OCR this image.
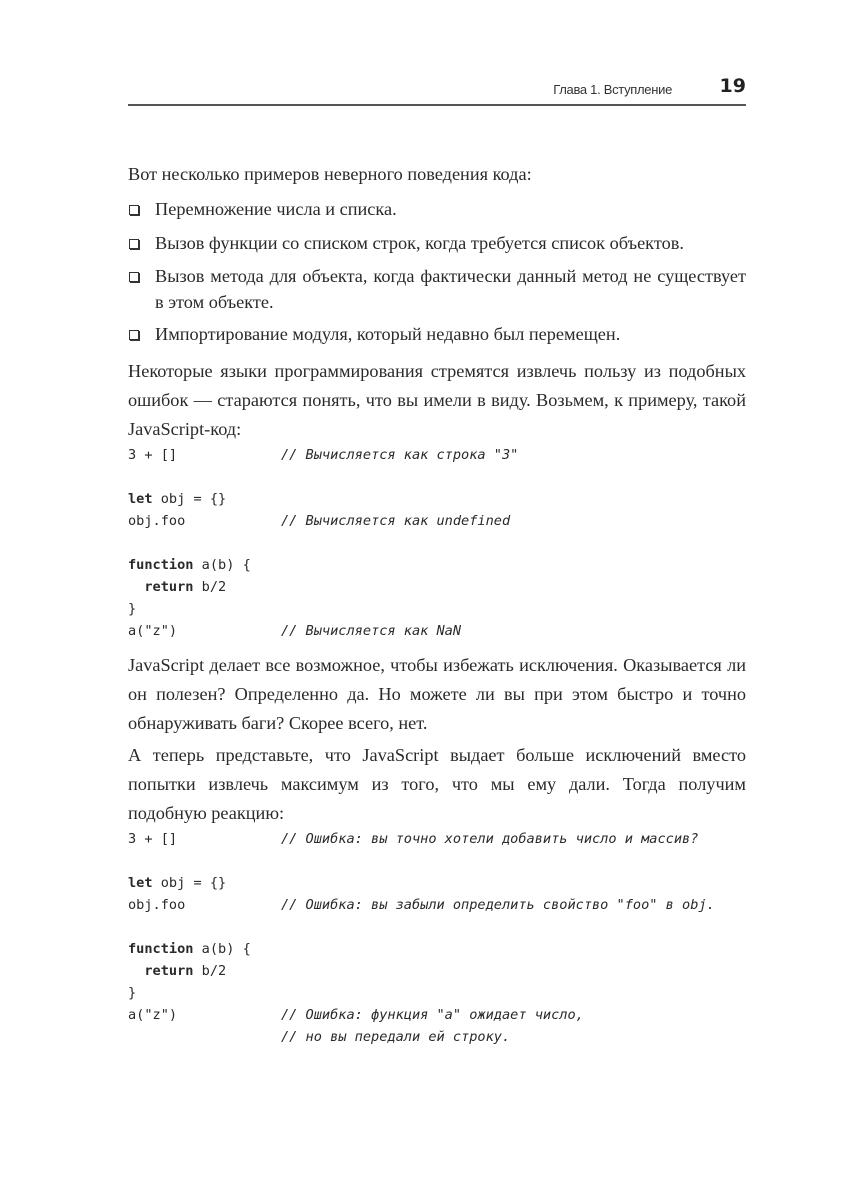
Глава 1. Вступление	19

Вот несколько примеров неверного поведения кода:

Перемножение числа и списка.
Вызов функции со списком строк, когда требуется список объектов.
Вызов метода для объекта, когда фактически данный метод не существует в этом объекте.
Импортирование модуля, который недавно был перемещен.

Некоторые языки программирования стремятся извлечь пользу из подобных ошибок — стараются понять, что вы имели в виду. Возьмем, к примеру, такой JavaScript-код:

3 + []	// Вычисляется как строка "3"
let obj = {}
obj.foo	// Вычисляется как undefined
function a(b) {
return b/2
}
a("z")	// Вычисляется как NaN

JavaScript делает все возможное, чтобы избежать исключения. Оказывается ли он полезен? Определенно да. Но можете ли вы при этом быстро и точно обнаруживать баги? Скорее всего, нет.

А теперь представьте, что JavaScript выдает больше исключений вместо попытки извлечь максимум из того, что мы ему дали. Тогда получим подобную реакцию:

3 + []	// Ошибка: вы точно хотели добавить число и массив?
let obj = {}
obj.foo	// Ошибка: вы забыли определить свойство "foo" в obj.
function a(b) {
return b/2
}
a("z")	// Ошибка: функция "a" ожидает число,
// но вы передали ей строку.
